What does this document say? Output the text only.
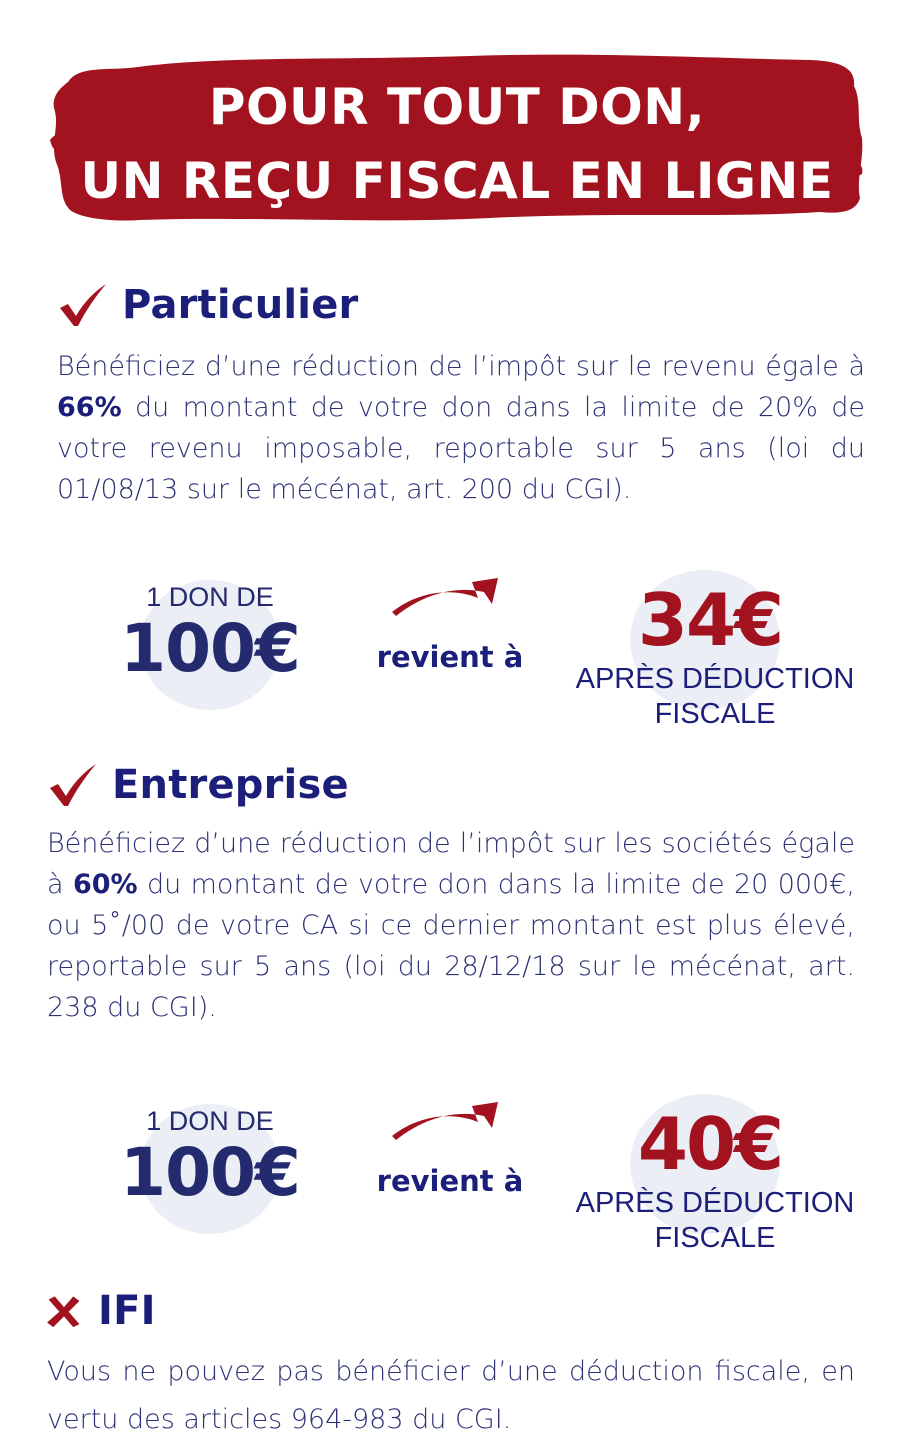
POUR TOUT DON,
UN REÇU FISCAL EN LIGNE
Particulier

Bénéficiez d’une réduction de l’impôt sur le revenu égale à 66% du montant de votre don dans la limite de 20% de votre revenu imposable, reportable sur 5 ans (loi du 01/08/13 sur le mécénat, art. 200 du CGI).

1 DON DE
100€	revient à	34€
APRÈS DÉDUCTION FISCALE
Entreprise

Bénéficiez d’une réduction de l’impôt sur les sociétés égale à 60% du montant de votre don dans la limite de 20 000€, ou 5˚/00 de votre CA si ce dernier montant est plus élevé, reportable sur 5 ans (loi du 28/12/18 sur le mécénat, art. 238 du CGI).

1 DON DE
100€	revient à	40€
APRÈS DÉDUCTION FISCALE
IFI

Vous ne pouvez pas bénéficier d’une déduction fiscale, en vertu des articles 964-983 du CGI.
